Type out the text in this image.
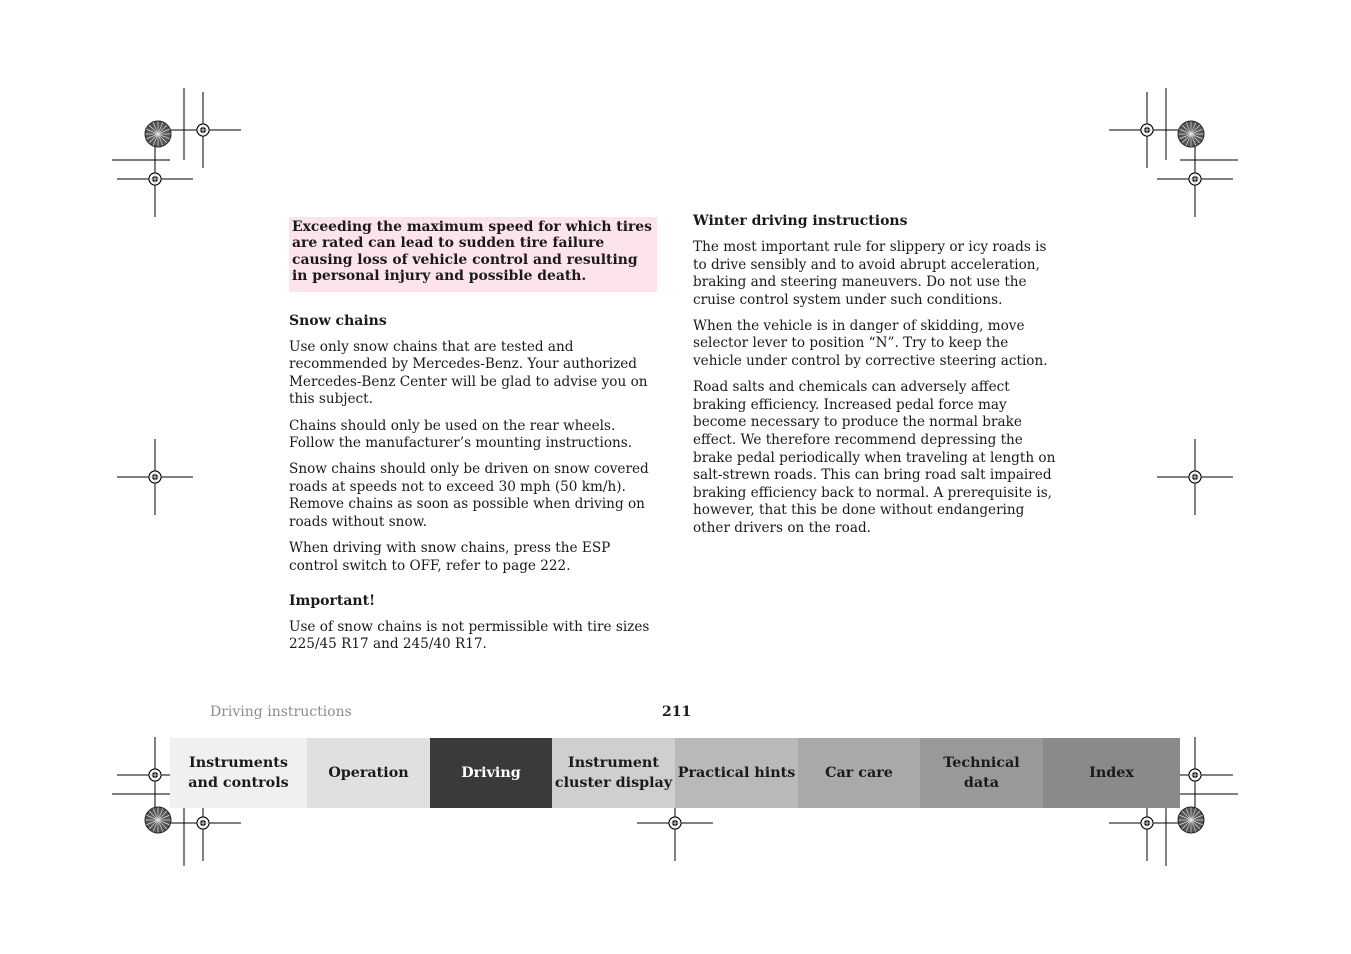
Exceeding the maximum speed for which tires are rated can lead to sudden tire failure causing loss of vehicle control and resulting in personal injury and possible death.
Snow chains

Use only snow chains that are tested and recommended by Mercedes-Benz. Your authorized Mercedes-Benz Center will be glad to advise you on this subject.

Chains should only be used on the rear wheels. Follow the manufacturer’s mounting instructions.

Snow chains should only be driven on snow covered roads at speeds not to exceed 30 mph (50 km/h). Remove chains as soon as possible when driving on roads without snow.

When driving with snow chains, press the ESP control switch to OFF, refer to page 222.

Important!

Use of snow chains is not permissible with tire sizes 225/45 R17 and 245/40 R17.

Winter driving instructions

The most important rule for slippery or icy roads is to drive sensibly and to avoid abrupt acceleration, braking and steering maneuvers. Do not use the cruise control system under such conditions.

When the vehicle is in danger of skidding, move selector lever to position “N”. Try to keep the vehicle under control by corrective steering action.

Road salts and chemicals can adversely affect braking efficiency. Increased pedal force may become necessary to produce the normal brake effect. We therefore recommend depressing the brake pedal periodically when traveling at length on salt-strewn roads. This can bring road salt impaired braking efficiency back to normal. A prerequisite is, however, that this be done without endangering other drivers on the road.

Driving instructions	211
Instruments
and controls
Operation	Driving
Instrument
cluster display
Practical hints	Car care
Technical
data
Index
